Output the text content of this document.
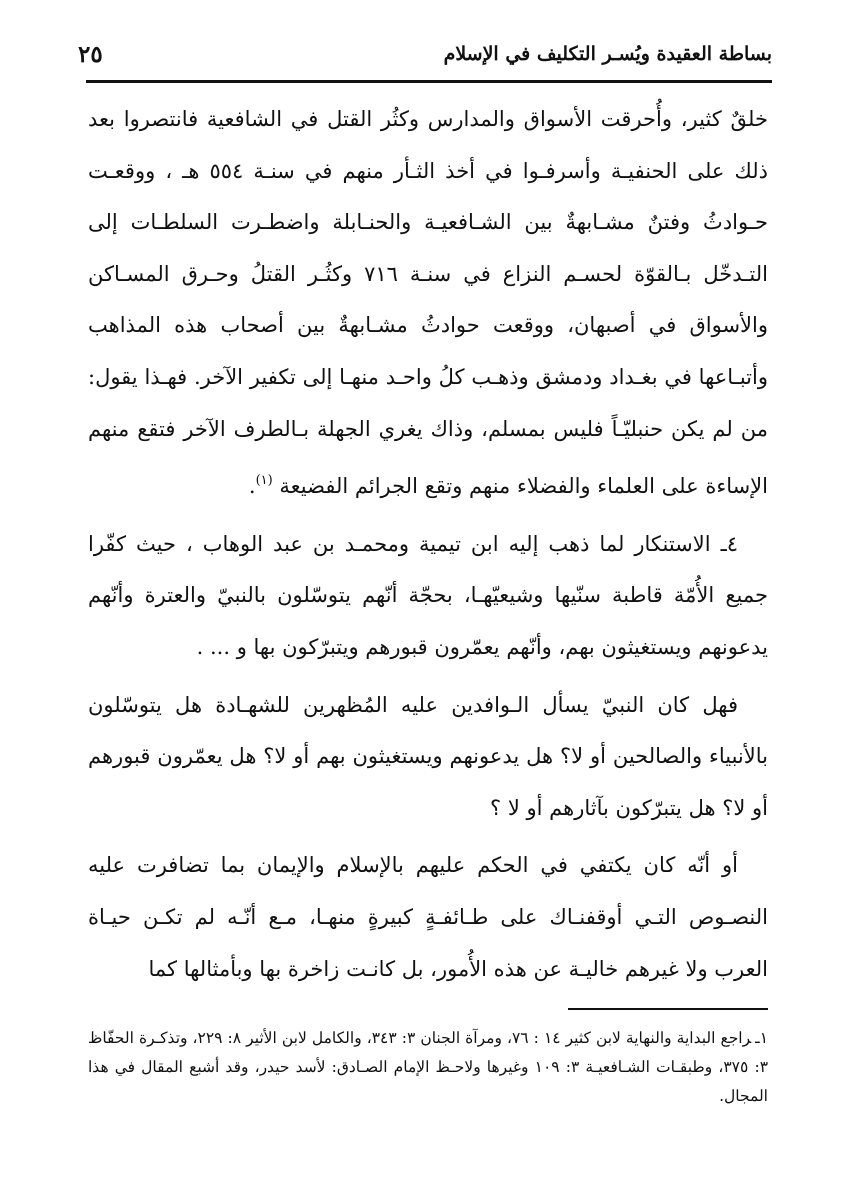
بساطة العقيدة ويُسـر التكليف في الإسلام
٢٥

خلقٌ كثير، وأُحرقت الأسواق والمدارس وكثُر القتل في الشافعية فانتصروا بعد ذلك على الحنفيـة وأسرفـوا في أخذ الثـأر منهم في سنـة ٥٥٤ هـ ، ووقعـت حـوادثُ وفتنٌ مشـابهةٌ بين الشـافعيـة والحنـابلة واضطـرت السلطـات إلى التـدخّل بـالقوّة لحسـم النزاع في سنـة ٧١٦ وكثُـر القتلُ وحـرق المسـاكن والأسواق في أصبهان، ووقعت حوادثُ مشـابهةٌ بين أصحاب هذه المذاهب وأتبـاعها في بغـداد ودمشق وذهـب كلُ واحـد منهـا إلى تكفير الآخر. فهـذا يقول: من لم يكن حنبليّـاً فليس بمسلم، وذاك يغري الجهلة بـالطرف الآخر فتقع منهم الإساءة على العلماء والفضلاء منهم وتقع الجرائم الفضيعة $^{(١)}$.

٤ـ الاستنكار لما ذهب إليه ابن تيمية ومحمـد بن عبد الوهاب ، حيث كفّرا جميع الأُمّة قاطبة سنّيها وشيعيّهـا، بحجّة أنّهم يتوسّلون بالنبيّ والعترة وأنّهم يدعونهم ويستغيثون بهم، وأنّهم يعمّرون قبورهم ويتبرّكون بها و ... .

فهل كان النبيّ يسأل الـوافدين عليه المُظهرين للشهـادة هل يتوسّلون بالأنبياء والصالحين أو لا؟ هل يدعونهم ويستغيثون بهم أو لا؟ هل يعمّرون قبورهم أو لا؟ هل يتبرّكون بآثارهم أو لا ؟

أو أنّه كان يكتفي في الحكم عليهم بالإسلام والإيمان بما تضافرت عليه النصـوص التـي أوقفنـاك على طـائفـةٍ كبيرةٍ منهـا، مـع أنّـه لم تكـن حيـاة العرب ولا غيرهم خاليـة عن هذه الأُمور، بل كانـت زاخرة بها وبأمثالها كما

١ـراجع البداية والنهاية لابن كثير ١٤ : ٧٦، ومرآة الجنان ٣: ٣٤٣، والكامل لابن الأثير ٨: ٢٢٩، وتذكـرة الحفّاظ ٣: ٣٧٥، وطبقـات الشـافعيـة ٣: ١٠٩ وغيرها ولاحـظ الإمام الصـادق: لأسد حيدر، وقد أشبع المقال في هذا المجال.
